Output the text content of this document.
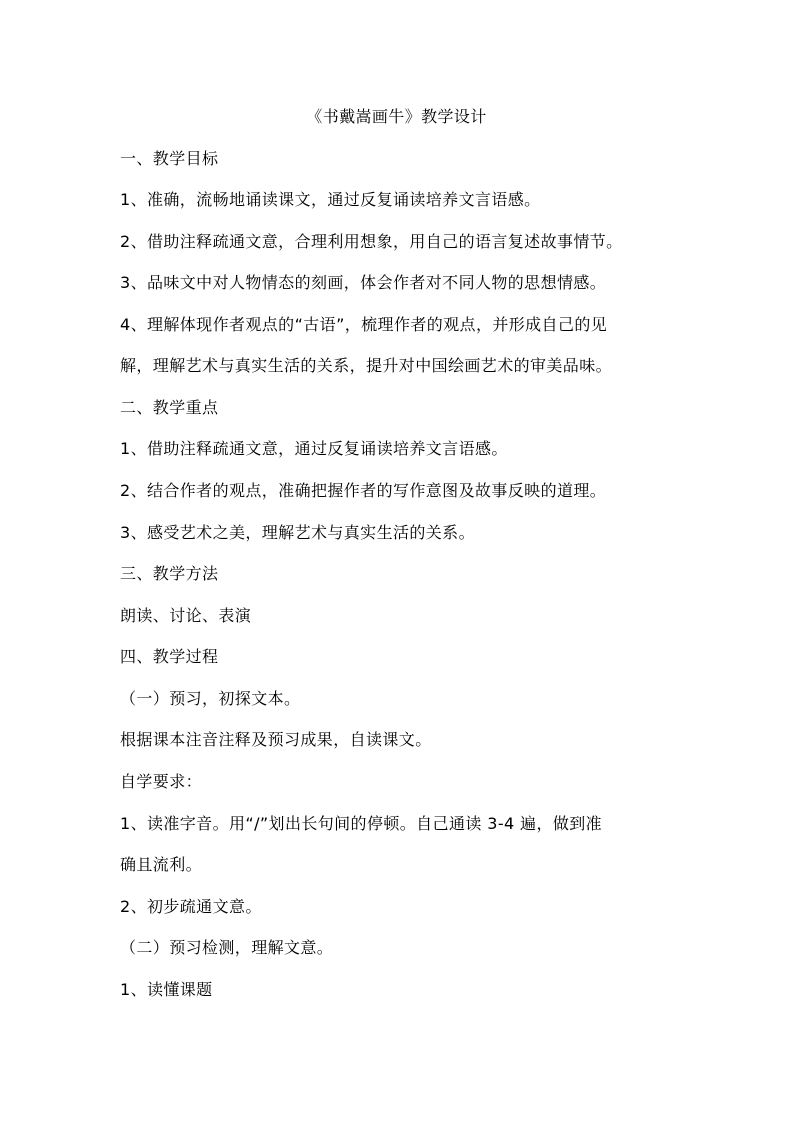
《书戴嵩画牛》教学设计
一、教学目标
1、准确，流畅地诵读课文，通过反复诵读培养文言语感。
2、借助注释疏通文意，合理利用想象，用自己的语言复述故事情节。
3、品味文中对人物情态的刻画，体会作者对不同人物的思想情感。
4、理解体现作者观点的“古语”，梳理作者的观点，并形成自己的见
解，理解艺术与真实生活的关系，提升对中国绘画艺术的审美品味。
二、教学重点
1、借助注释疏通文意，通过反复诵读培养文言语感。
2、结合作者的观点，准确把握作者的写作意图及故事反映的道理。
3、感受艺术之美，理解艺术与真实生活的关系。
三、教学方法
朗读、讨论、表演
四、教学过程
（一）预习，初探文本。
根据课本注音注释及预习成果，自读课文。
自学要求：
1、读准字音。用“/”划出长句间的停顿。自己通读 3-4 遍，做到准
确且流利。
2、初步疏通文意。
（二）预习检测，理解文意。
1、读懂课题
